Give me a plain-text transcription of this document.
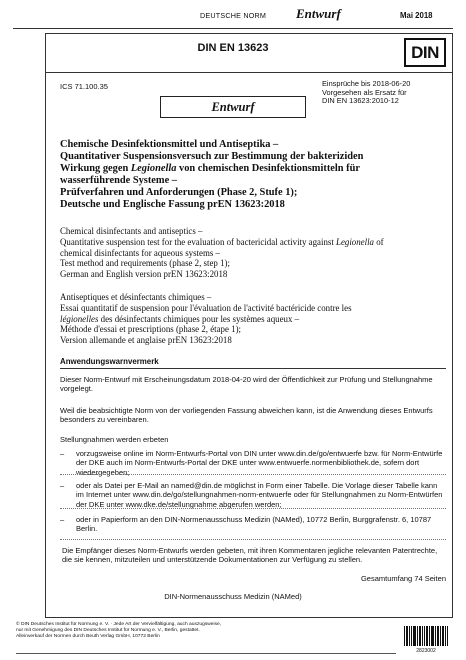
DEUTSCHE NORM Entwurf	Mai 2018
DIN EN 13623	DIN
ICS 71.100.35	Einsprüche bis 2018-06-20
Vorgesehen als Ersatz für
DIN EN 13623:2010-12
Entwurf
Chemische Desinfektionsmittel und Antiseptika –
Quantitativer Suspensionsversuch zur Bestimmung der bakteriziden
Wirkung gegen Legionella von chemischen Desinfektionsmitteln für
wasserführende Systeme –
Prüfverfahren und Anforderungen (Phase 2, Stufe 1);
Deutsche und Englische Fassung prEN 13623:2018
Chemical disinfectants and antiseptics –
Quantitative suspension test for the evaluation of bactericidal activity against Legionella of
chemical disinfectants for aqueous systems –
Test method and requirements (phase 2, step 1);
German and English version prEN 13623:2018
Antiseptiques et désinfectants chimiques –
Essai quantitatif de suspension pour l'évaluation de l'activité bactéricide contre les
légionelles des désinfectants chimiques pour les systèmes aqueux –
Méthode d'essai et prescriptions (phase 2, étape 1);
Version allemande et anglaise prEN 13623:2018
Anwendungswarnvermerk
Dieser Norm-Entwurf mit Erscheinungsdatum 2018-04-20 wird der Öffentlichkeit zur Prüfung und Stellungnahme vorgelegt.
Weil die beabsichtigte Norm von der vorliegenden Fassung abweichen kann, ist die Anwendung dieses Entwurfs besonders zu vereinbaren.
Stellungnahmen werden erbeten
–	vorzugsweise online im Norm-Entwurfs-Portal von DIN unter www.din.de/go/entwuerfe bzw. für Norm-Entwürfe der DKE auch im Norm-Entwurfs-Portal der DKE unter www.entwuerfe.normenbibliothek.de, sofern dort wiedergegeben;
–	oder als Datei per E-Mail an named@din.de möglichst in Form einer Tabelle. Die Vorlage dieser Tabelle kann im Internet unter www.din.de/go/stellungnahmen-norm-entwuerfe oder für Stellungnahmen zu Norm-Entwürfen der DKE unter www.dke.de/stellungnahme abgerufen werden;
–	oder in Papierform an den DIN-Normenausschuss Medizin (NAMed), 10772 Berlin, Burggrafenstr. 6, 10787 Berlin.
Die Empfänger dieses Norm-Entwurfs werden gebeten, mit ihren Kommentaren jegliche relevanten Patentrechte, die sie kennen, mitzuteilen und unterstützende Dokumentationen zur Verfügung zu stellen.
Gesamtumfang 74 Seiten
DIN-Normenausschuss Medizin (NAMed)
© DIN Deutsches Institut für Normung e. V. · Jede Art der Vervielfältigung, auch auszugsweise,
nur mit Genehmigung des DIN Deutsches Institut für Normung e. V., Berlin, gestattet.
Alleinverkauf der Normen durch Beuth Verlag GmbH, 10772 Berlin
2823002
